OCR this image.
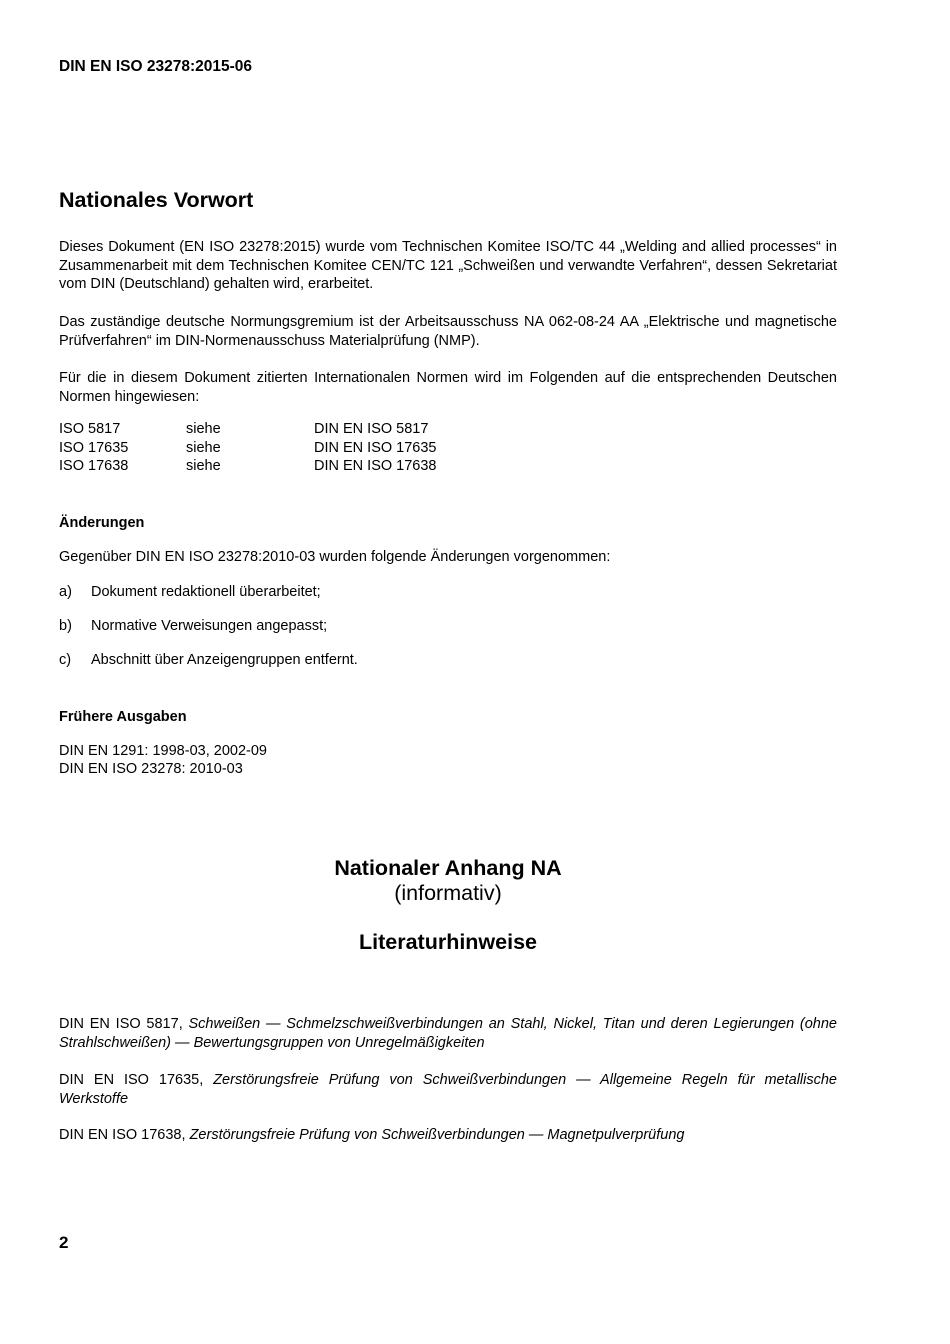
DIN EN ISO 23278:2015-06
Nationales Vorwort
Dieses Dokument (EN ISO 23278:2015) wurde vom Technischen Komitee ISO/TC 44 „Welding and allied processes“ in Zusammenarbeit mit dem Technischen Komitee CEN/TC 121 „Schweißen und verwandte Verfahren“, dessen Sekretariat vom DIN (Deutschland) gehalten wird, erarbeitet.
Das zuständige deutsche Normungsgremium ist der Arbeitsausschuss NA 062-08-24 AA „Elektrische und magnetische Prüfverfahren“ im DIN-Normenausschuss Materialprüfung (NMP).
Für die in diesem Dokument zitierten Internationalen Normen wird im Folgenden auf die entsprechenden Deutschen Normen hingewiesen:
ISO 5817	siehe	DIN EN ISO 5817
ISO 17635	siehe	DIN EN ISO 17635
ISO 17638	siehe	DIN EN ISO 17638
Änderungen
Gegenüber DIN EN ISO 23278:2010-03 wurden folgende Änderungen vorgenommen:
a) Dokument redaktionell überarbeitet;
b) Normative Verweisungen angepasst;
c) Abschnitt über Anzeigengruppen entfernt.
Frühere Ausgaben
DIN EN 1291: 1998-03, 2002-09
DIN EN ISO 23278: 2010-03
Nationaler Anhang NA
(informativ)
Literaturhinweise
DIN EN ISO 5817, Schweißen — Schmelzschweißverbindungen an Stahl, Nickel, Titan und deren Legierungen (ohne Strahlschweißen) — Bewertungsgruppen von Unregelmäßigkeiten
DIN EN ISO 17635, Zerstörungsfreie Prüfung von Schweißverbindungen — Allgemeine Regeln für metallische Werkstoffe
DIN EN ISO 17638, Zerstörungsfreie Prüfung von Schweißverbindungen — Magnetpulverprüfung
2
